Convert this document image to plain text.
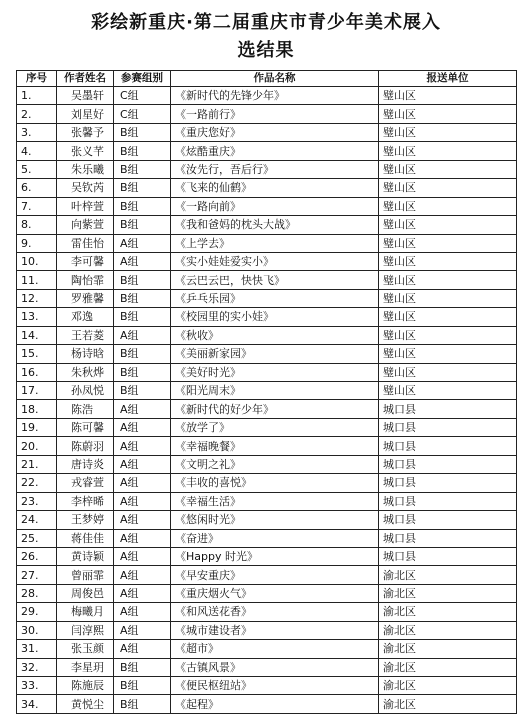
彩绘新重庆·第二届重庆市青少年美术展入
选结果
序号	作者姓名	参赛组别	作品名称	报送单位
1.	吴墨轩	C组	《新时代的先锋少年》	璧山区
2.	刘星好	C组	《一路前行》	璧山区
3.	张馨予	B组	《重庆您好》	璧山区
4.	张义芊	B组	《炫酷重庆》	璧山区
5.	朱乐曦	B组	《汝先行，吾后行》	璧山区
6.	吴钦芮	B组	《飞来的仙鹤》	璧山区
7.	叶梓萱	B组	《一路向前》	璧山区
8.	向紫萱	B组	《我和爸妈的枕头大战》	璧山区
9.	雷佳怡	A组	《上学去》	璧山区
10.	李可馨	A组	《实小娃娃爱实小》	璧山区
11.	陶怡霏	B组	《云巴云巴，快快飞》	璧山区
12.	罗雅馨	B组	《乒乓乐园》	璧山区
13.	邓逸	B组	《校园里的实小娃》	璧山区
14.	王若菱	A组	《秋收》	璧山区
15.	杨诗晗	B组	《美丽新家园》	璧山区
16.	朱秋烨	B组	《美好时光》	璧山区
17.	孙凤悦	B组	《阳光周末》	璧山区
18.	陈浩	A组	《新时代的好少年》	城口县
19.	陈可馨	A组	《放学了》	城口县
20.	陈蔚羽	A组	《幸福晚餐》	城口县
21.	唐诗炎	A组	《文明之礼》	城口县
22.	戎睿萱	A组	《丰收的喜悦》	城口县
23.	李梓晞	A组	《幸福生活》	城口县
24.	王梦婷	A组	《悠闲时光》	城口县
25.	蒋佳佳	A组	《奋进》	城口县
26.	黄诗颖	A组	《Happy 时光》	城口县
27.	曾丽霏	A组	《早安重庆》	渝北区
28.	周俊邑	A组	《重庆烟火气》	渝北区
29.	梅曦月	A组	《和风送花香》	渝北区
30.	闫淳熙	A组	《城市建设者》	渝北区
31.	张玉颜	A组	《超市》	渝北区
32.	李星玥	B组	《古镇风景》	渝北区
33.	陈施辰	B组	《便民枢纽站》	渝北区
34.	黄悦尘	B组	《起程》	渝北区
